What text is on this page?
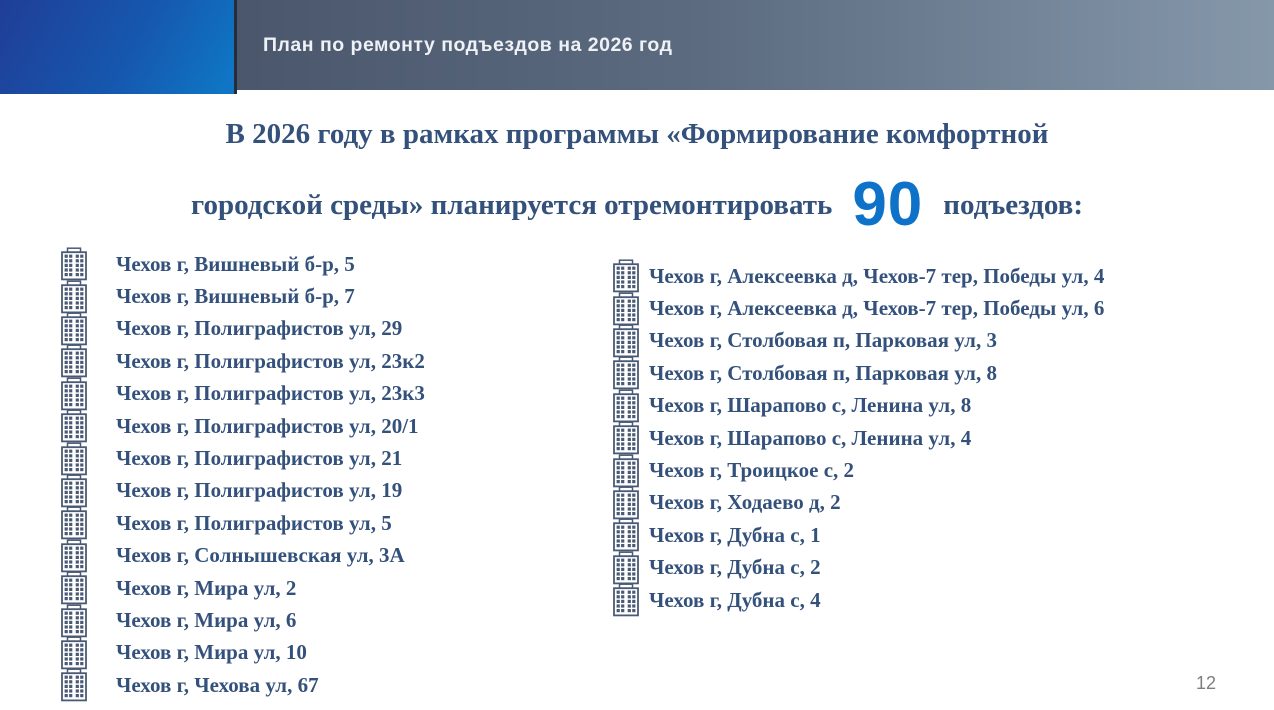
План по ремонту подъездов на 2026 год
В 2026 году в рамках программы «Формирование комфортной
городской среды» планируется отремонтировать 90 подъездов:
Чехов г, Вишневый б-р, 5
Чехов г, Вишневый б-р, 7
Чехов г, Полиграфистов ул, 29
Чехов г, Полиграфистов ул, 23к2
Чехов г, Полиграфистов ул, 23к3
Чехов г, Полиграфистов ул, 20/1
Чехов г, Полиграфистов ул, 21
Чехов г, Полиграфистов ул, 19
Чехов г, Полиграфистов ул, 5
Чехов г, Солнышевская ул, 3А
Чехов г, Мира ул, 2
Чехов г, Мира ул, 6
Чехов г, Мира ул, 10
Чехов г, Чехова ул, 67
Чехов г, Алексеевка д, Чехов-7 тер, Победы ул, 4
Чехов г, Алексеевка д, Чехов-7 тер, Победы ул, 6
Чехов г, Столбовая п, Парковая ул, 3
Чехов г, Столбовая п, Парковая ул, 8
Чехов г, Шарапово с, Ленина ул, 8
Чехов г, Шарапово с, Ленина ул, 4
Чехов г, Троицкое с, 2
Чехов г, Ходаево д, 2
Чехов г, Дубна с, 1
Чехов г, Дубна с, 2
Чехов г, Дубна с, 4
12
